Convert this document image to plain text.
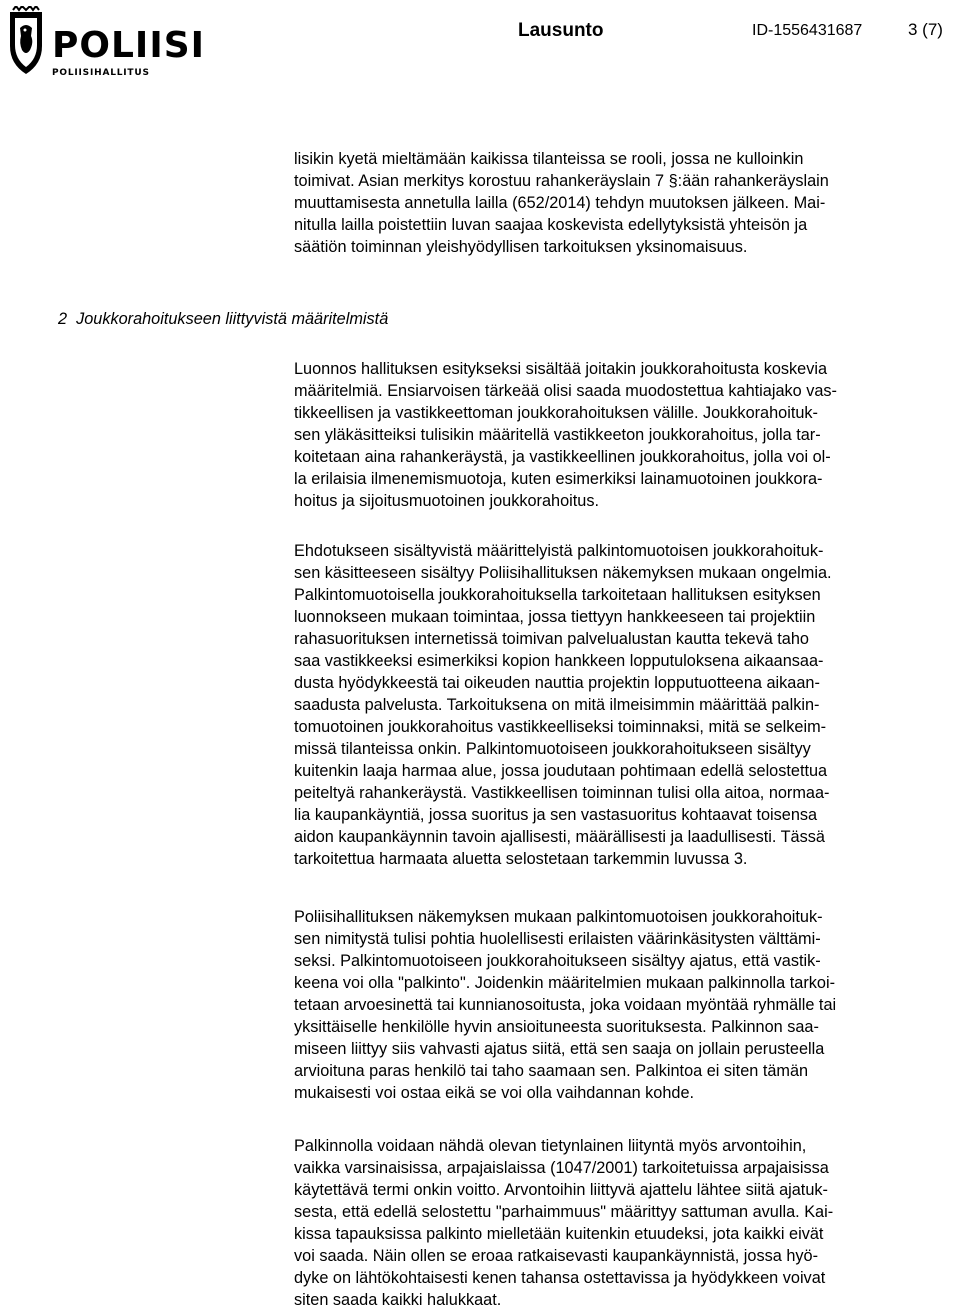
POLIISI
POLIISIHALLITUS
Lausunto	ID-1556431687	3 (7)

lisikin kyetä mieltämään kaikissa tilanteissa se rooli, jossa ne kulloinkin
toimivat. Asian merkitys korostuu rahankeräyslain 7 §:ään rahankeräyslain
muuttamisesta annetulla lailla (652/2014) tehdyn muutoksen jälkeen. Mai-
nitulla lailla poistettiin luvan saajaa koskevista edellytyksistä yhteisön ja
säätiön toiminnan yleishyödyllisen tarkoituksen yksinomaisuus.

2 Joukkorahoitukseen liittyvistä määritelmistä

Luonnos hallituksen esitykseksi sisältää joitakin joukkorahoitusta koskevia
määritelmiä. Ensiarvoisen tärkeää olisi saada muodostettua kahtiajako vas-
tikkeellisen ja vastikkeettoman joukkorahoituksen välille. Joukkorahoituk-
sen yläkäsitteiksi tulisikin määritellä vastikkeeton joukkorahoitus, jolla tar-
koitetaan aina rahankeräystä, ja vastikkeellinen joukkorahoitus, jolla voi ol-
la erilaisia ilmenemismuotoja, kuten esimerkiksi lainamuotoinen joukkora-
hoitus ja sijoitusmuotoinen joukkorahoitus.

Ehdotukseen sisältyvistä määrittelyistä palkintomuotoisen joukkorahoituk-
sen käsitteeseen sisältyy Poliisihallituksen näkemyksen mukaan ongelmia.
Palkintomuotoisella joukkorahoituksella tarkoitetaan hallituksen esityksen
luonnokseen mukaan toimintaa, jossa tiettyyn hankkeeseen tai projektiin
rahasuorituksen internetissä toimivan palvelualustan kautta tekevä taho
saa vastikkeeksi esimerkiksi kopion hankkeen lopputuloksena aikaansaa-
dusta hyödykkeestä tai oikeuden nauttia projektin lopputuotteena aikaan-
saadusta palvelusta. Tarkoituksena on mitä ilmeisimmin määrittää palkin-
tomuotoinen joukkorahoitus vastikkeelliseksi toiminnaksi, mitä se selkeim-
missä tilanteissa onkin. Palkintomuotoiseen joukkorahoitukseen sisältyy
kuitenkin laaja harmaa alue, jossa joudutaan pohtimaan edellä selostettua
peiteltyä rahankeräystä. Vastikkeellisen toiminnan tulisi olla aitoa, normaa-
lia kaupankäyntiä, jossa suoritus ja sen vastasuoritus kohtaavat toisensa
aidon kaupankäynnin tavoin ajallisesti, määrällisesti ja laadullisesti. Tässä
tarkoitettua harmaata aluetta selostetaan tarkemmin luvussa 3.

Poliisihallituksen näkemyksen mukaan palkintomuotoisen joukkorahoituk-
sen nimitystä tulisi pohtia huolellisesti erilaisten väärinkäsitysten välttämi-
seksi. Palkintomuotoiseen joukkorahoitukseen sisältyy ajatus, että vastik-
keena voi olla "palkinto". Joidenkin määritelmien mukaan palkinnolla tarkoi-
tetaan arvoesinettä tai kunnianosoitusta, joka voidaan myöntää ryhmälle tai
yksittäiselle henkilölle hyvin ansioituneesta suorituksesta. Palkinnon saa-
miseen liittyy siis vahvasti ajatus siitä, että sen saaja on jollain perusteella
arvioituna paras henkilö tai taho saamaan sen. Palkintoa ei siten tämän
mukaisesti voi ostaa eikä se voi olla vaihdannan kohde.

Palkinnolla voidaan nähdä olevan tietynlainen liityntä myös arvontoihin,
vaikka varsinaisissa, arpajaislaissa (1047/2001) tarkoitetuissa arpajaisissa
käytettävä termi onkin voitto. Arvontoihin liittyvä ajattelu lähtee siitä ajatuk-
sesta, että edellä selostettu "parhaimmuus" määrittyy sattuman avulla. Kai-
kissa tapauksissa palkinto mielletään kuitenkin etuudeksi, jota kaikki eivät
voi saada. Näin ollen se eroaa ratkaisevasti kaupankäynnistä, jossa hyö-
dyke on lähtökohtaisesti kenen tahansa ostettavissa ja hyödykkeen voivat
siten saada kaikki halukkaat.
